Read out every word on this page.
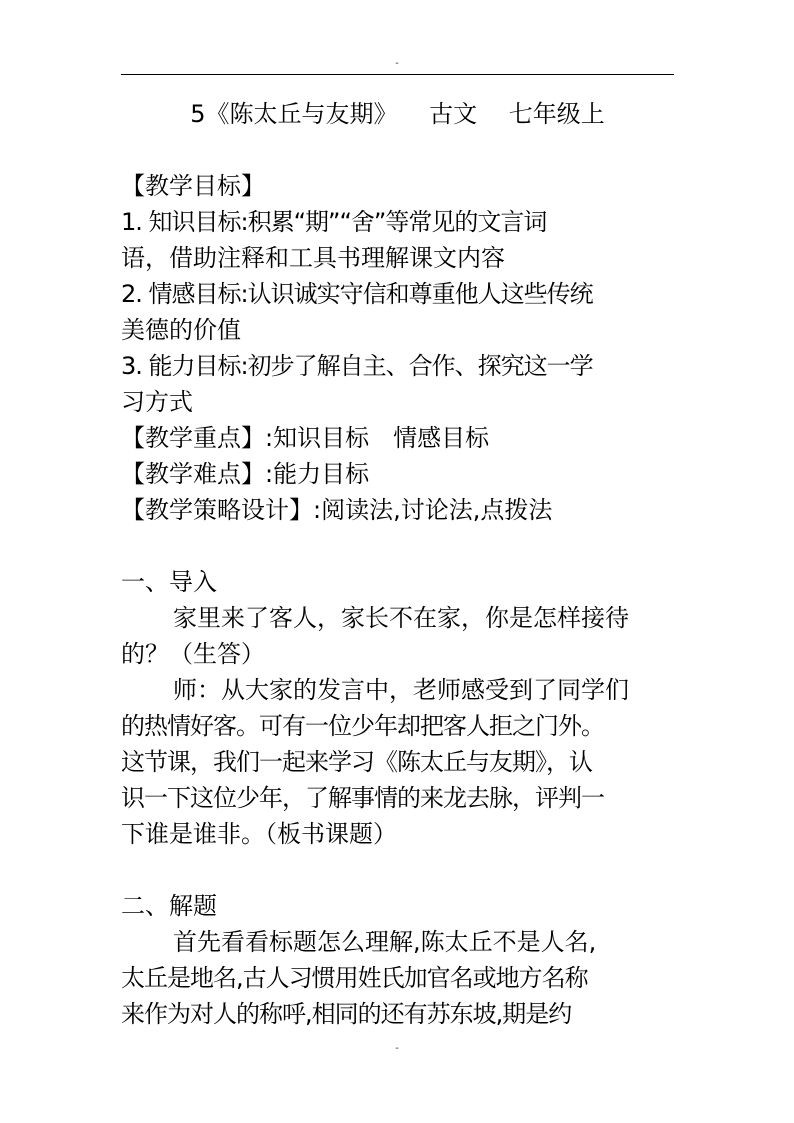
-
5《陈太丘与友期》 古文 七年级上
【教学目标】
1. 知识目标:积累“期”“舍”等常见的文言词
语，借助注释和工具书理解课文内容
2. 情感目标:认识诚实守信和尊重他人这些传统
美德的价值
3. 能力目标:初步了解自主、合作、探究这一学
习方式
【教学重点】:知识目标　情感目标
【教学难点】:能力目标
【教学策略设计】:阅读法,讨论法,点拨法
一、导入
家里来了客人，家长不在家，你是怎样接待
的？（生答）
师：从大家的发言中，老师感受到了同学们
的热情好客。可有一位少年却把客人拒之门外。
这节课，我们一起来学习《陈太丘与友期》，认
识一下这位少年，了解事情的来龙去脉，评判一
下谁是谁非。（板书课题）
二、解题
首先看看标题怎么理解,陈太丘不是人名,
太丘是地名,古人习惯用姓氏加官名或地方名称
来作为对人的称呼,相同的还有苏东坡,期是约
-
